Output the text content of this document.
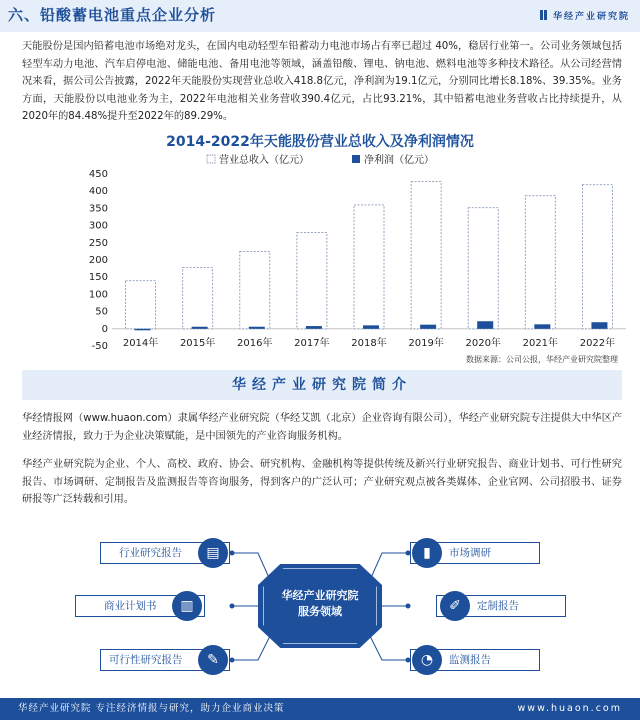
六、铅酸蓄电池重点企业分析	华经产业研究院
天能股份是国内铅蓄电池市场绝对龙头，在国内电动轻型车铅蓄动力电池市场占有率已超过 40%，稳居行业第一。公司业务领域包括轻型车动力电池、汽车启停电池、储能电池、备用电池等领域，涵盖铅酸、锂电、钠电池、燃料电池等多种技术路径。从公司经营情况来看，据公司公告披露，2022年天能股份实现营业总收入418.8亿元，净利润为19.1亿元，分别同比增长8.18%、39.35%。业务方面，天能股份以电池业务为主，2022年电池相关业务营收390.4亿元，占比93.21%，其中铅蓄电池业务营收占比持续提升，从2020年的84.48%提升至2022年的89.29%。
2014-2022年天能股份营业总收入及净利润情况
-50
0
50
100
150
200
250
300
350
400
450
2014年 2015年 2016年 2017年 2018年 2019年 2020年 2021年 2022年
营业总收入（亿元）	净利润（亿元）
数据来源：公司公报，华经产业研究院整理
华经产业研究院简介
华经情报网（www.huaon.com）隶属华经产业研究院（华经艾凯（北京）企业咨询有限公司），华经产业研究院专注提供大中华区产业经济情报，致力于为企业决策赋能，是中国领先的产业咨询服务机构。
华经产业研究院为企业、个人、高校、政府、协会、研究机构、金融机构等提供传统及新兴行业研究报告、商业计划书、可行性研究报告、市场调研、定制报告及监测报告等咨询服务，得到客户的广泛认可；产业研究观点被各类媒体、企业官网、公司招股书、证券研报等广泛转载和引用。
行业研究报告	▤
商业计划书	▥
可行性研究报告	✎
市场调研
▮
定制报告
✐
监测报告
◔
华经产业研究院
服务领域
华经产业研究院 专注经济情报与研究，助力企业商业决策	www.huaon.com
